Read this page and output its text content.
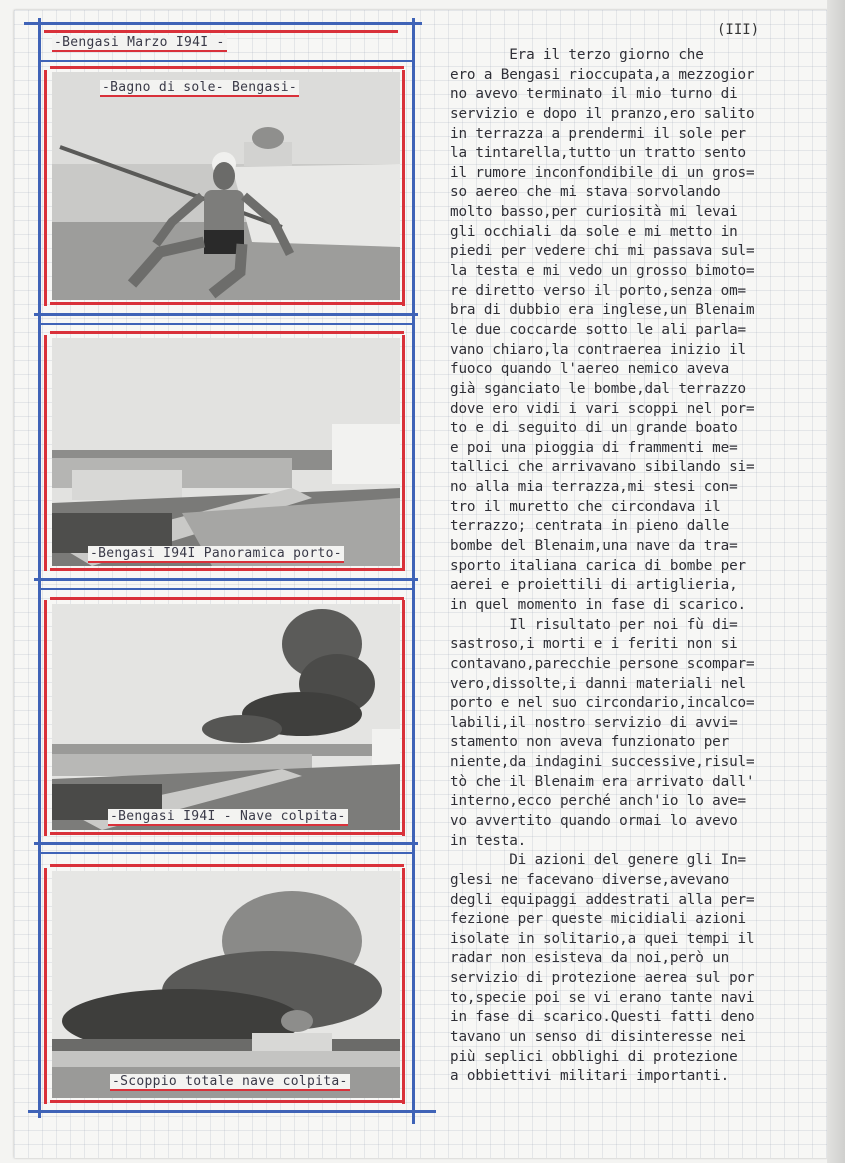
-Bengasi Marzo I94I -
-Bagno di sole- Bengasi-
-Bengasi I94I Panoramica porto-
-Bengasi I94I - Nave colpita-
-Scoppio totale nave colpita-
(III)
Era il terzo giorno che
ero a Bengasi rioccupata,a mezzogior
no avevo terminato il mio turno di
servizio e dopo il pranzo,ero salito
in terrazza a prendermi il sole per
la tintarella,tutto un tratto sento
il rumore inconfondibile di un gros=
so aereo che mi stava sorvolando
molto basso,per curiosità mi levai
gli occhiali da sole e mi metto in
piedi per vedere chi mi passava sul=
la testa e mi vedo un grosso bimoto=
re diretto verso il porto,senza om=
bra di dubbio era inglese,un Blenaim
le due coccarde sotto le ali parla=
vano chiaro,la contraerea inizio il
fuoco quando l'aereo nemico aveva
già sganciato le bombe,dal terrazzo
dove ero vidi i vari scoppi nel por=
to e di seguito di un grande boato
e poi una pioggia di frammenti me=
tallici che arrivavano sibilando si=
no alla mia terrazza,mi stesi con=
tro il muretto che circondava il
terrazzo; centrata in pieno dalle
bombe del Blenaim,una nave da tra=
sporto italiana carica di bombe per
aerei e proiettili di artiglieria,
in quel momento in fase di scarico.
Il risultato per noi fù di=
sastroso,i morti e i feriti non si
contavano,parecchie persone scompar=
vero,dissolte,i danni materiali nel
porto e nel suo circondario,incalco=
labili,il nostro servizio di avvi=
stamento non aveva funzionato per
niente,da indagini successive,risul=
tò che il Blenaim era arrivato dall'
interno,ecco perché anch'io lo ave=
vo avvertito quando ormai lo avevo
in testa.
Di azioni del genere gli In=
glesi ne facevano diverse,avevano
degli equipaggi addestrati alla per=
fezione per queste micidiali azioni
isolate in solitario,a quei tempi il
radar non esisteva da noi,però un
servizio di protezione aerea sul por
to,specie poi se vi erano tante navi
in fase di scarico.Questi fatti deno
tavano un senso di disinteresse nei
più seplici obblighi di protezione
a obbiettivi militari importanti.
